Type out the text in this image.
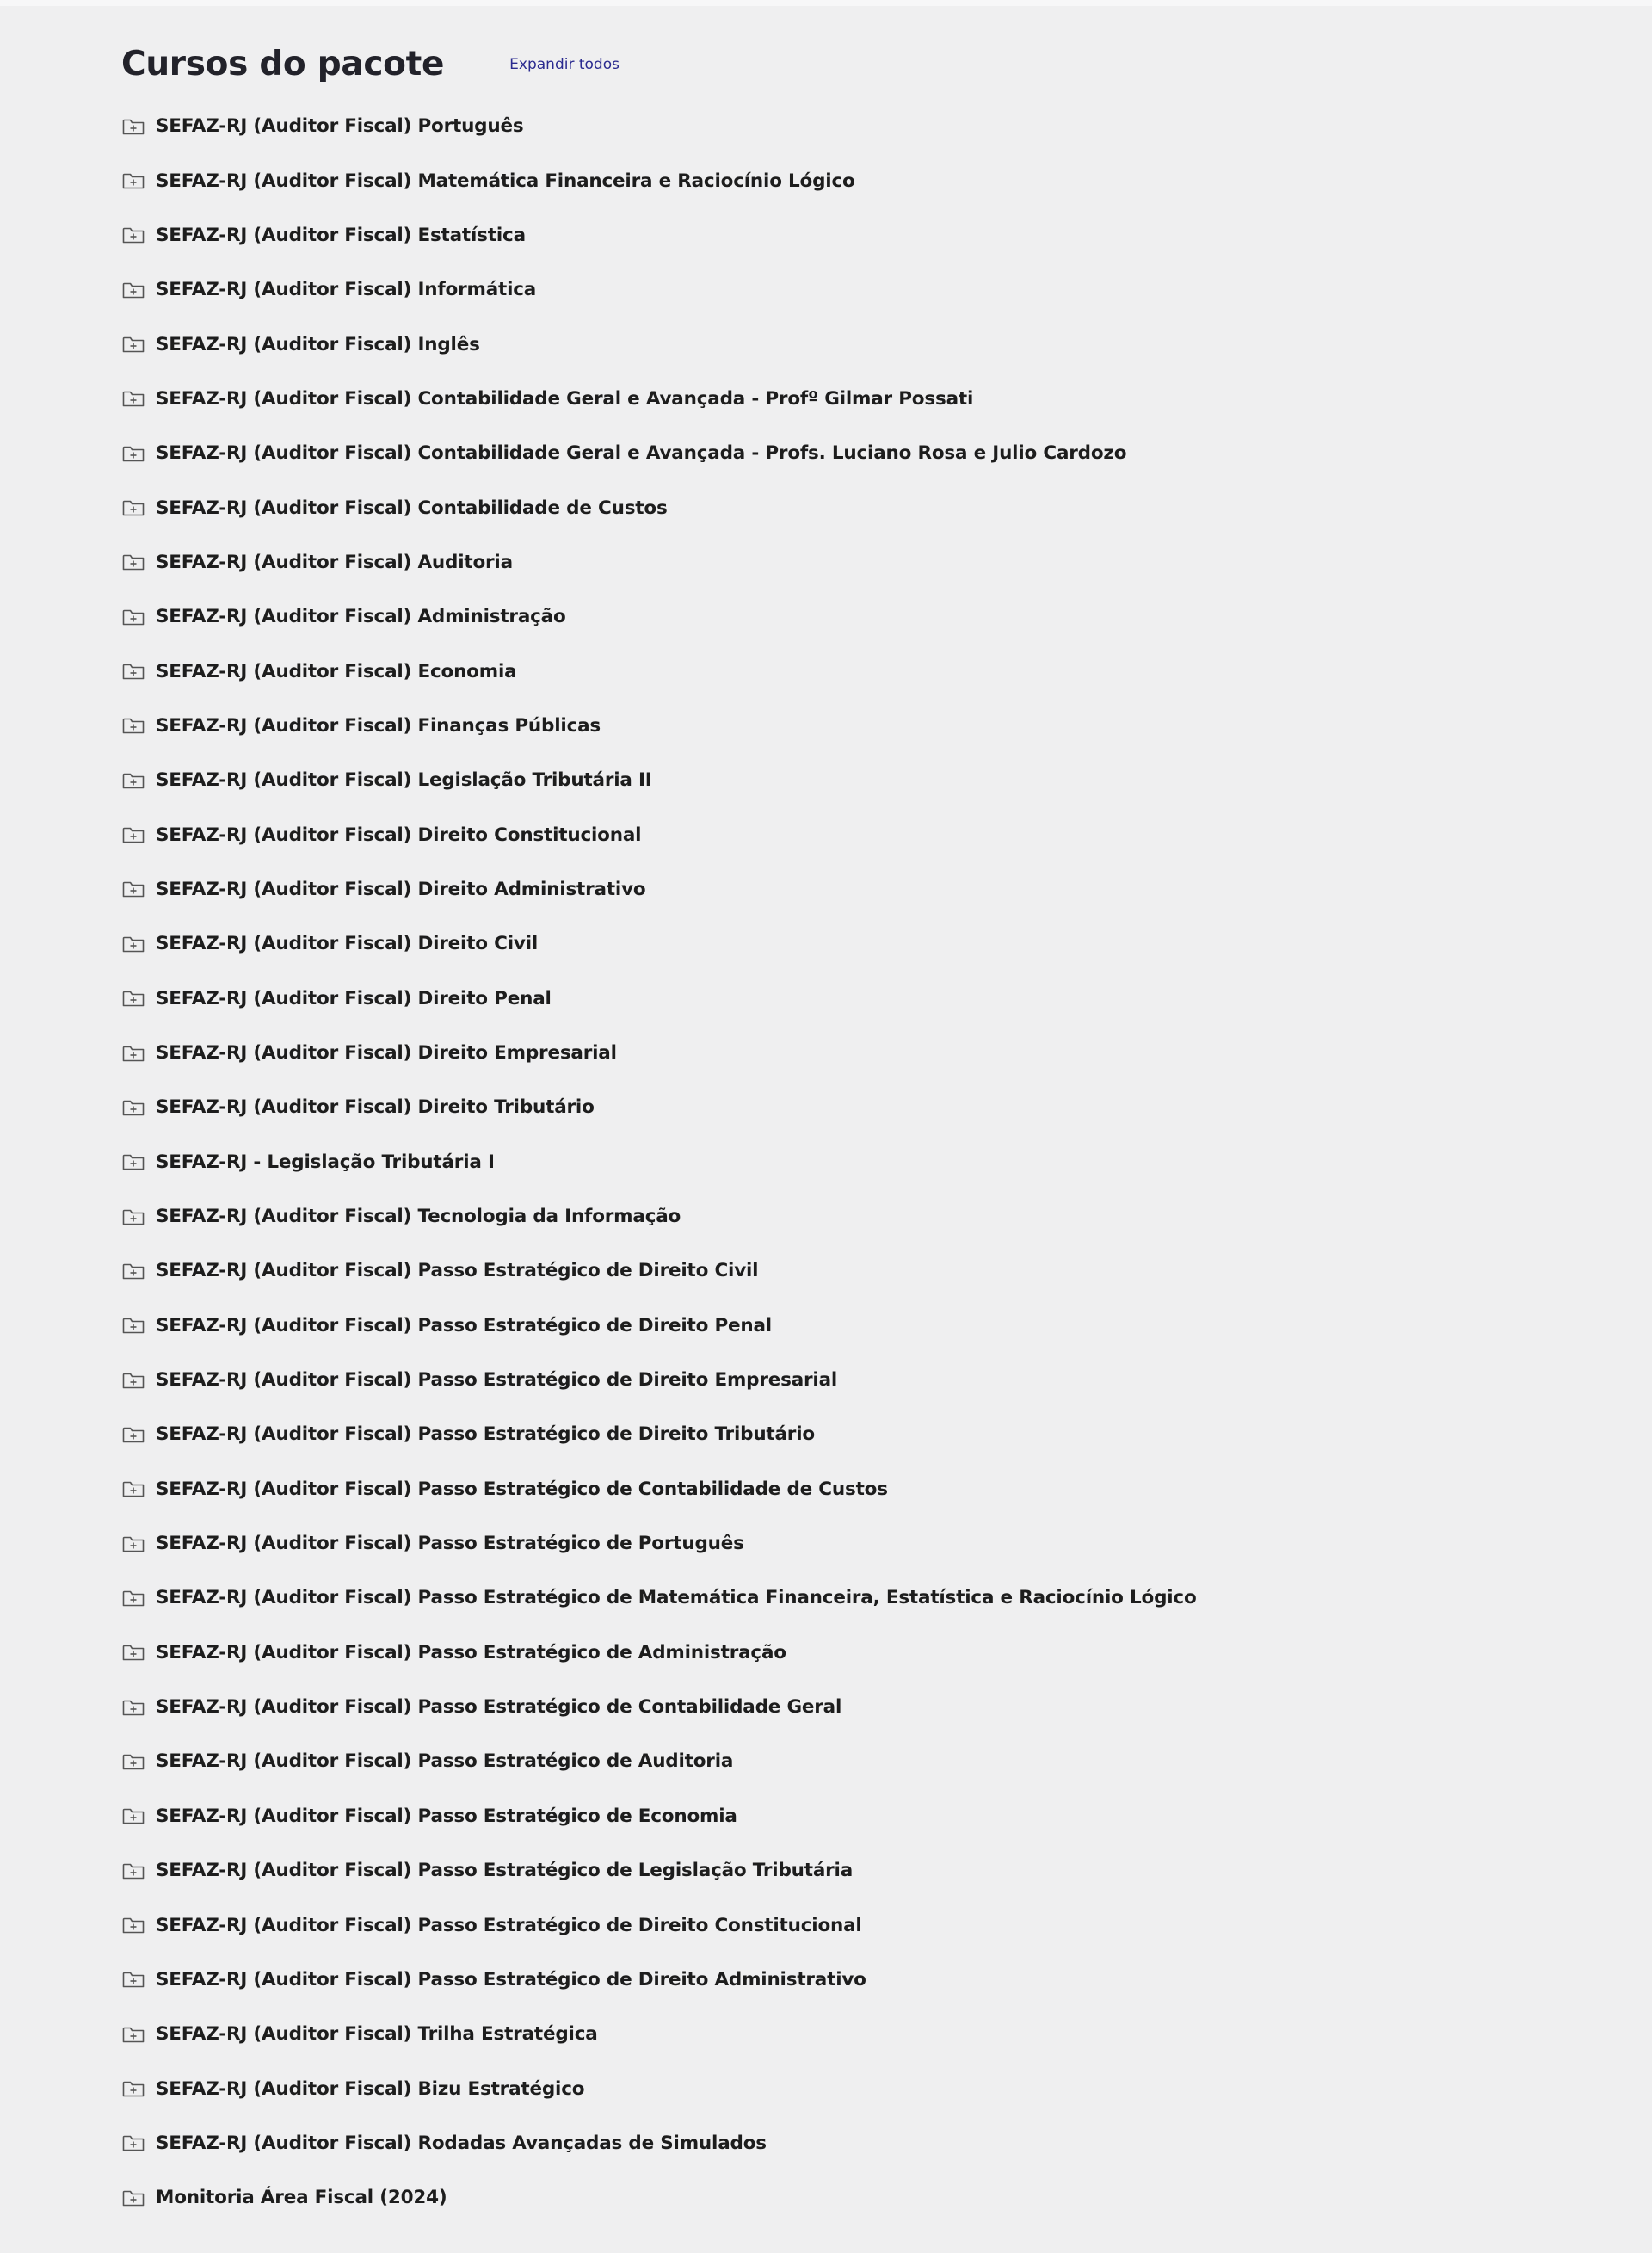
Cursos do pacote	Expandir todos
SEFAZ-RJ (Auditor Fiscal) Português
SEFAZ-RJ (Auditor Fiscal) Matemática Financeira e Raciocínio Lógico
SEFAZ-RJ (Auditor Fiscal) Estatística
SEFAZ-RJ (Auditor Fiscal) Informática
SEFAZ-RJ (Auditor Fiscal) Inglês
SEFAZ-RJ (Auditor Fiscal) Contabilidade Geral e Avançada - Profº Gilmar Possati
SEFAZ-RJ (Auditor Fiscal) Contabilidade Geral e Avançada - Profs. Luciano Rosa e Julio Cardozo
SEFAZ-RJ (Auditor Fiscal) Contabilidade de Custos
SEFAZ-RJ (Auditor Fiscal) Auditoria
SEFAZ-RJ (Auditor Fiscal) Administração
SEFAZ-RJ (Auditor Fiscal) Economia
SEFAZ-RJ (Auditor Fiscal) Finanças Públicas
SEFAZ-RJ (Auditor Fiscal) Legislação Tributária II
SEFAZ-RJ (Auditor Fiscal) Direito Constitucional
SEFAZ-RJ (Auditor Fiscal) Direito Administrativo
SEFAZ-RJ (Auditor Fiscal) Direito Civil
SEFAZ-RJ (Auditor Fiscal) Direito Penal
SEFAZ-RJ (Auditor Fiscal) Direito Empresarial
SEFAZ-RJ (Auditor Fiscal) Direito Tributário
SEFAZ-RJ - Legislação Tributária I
SEFAZ-RJ (Auditor Fiscal) Tecnologia da Informação
SEFAZ-RJ (Auditor Fiscal) Passo Estratégico de Direito Civil
SEFAZ-RJ (Auditor Fiscal) Passo Estratégico de Direito Penal
SEFAZ-RJ (Auditor Fiscal) Passo Estratégico de Direito Empresarial
SEFAZ-RJ (Auditor Fiscal) Passo Estratégico de Direito Tributário
SEFAZ-RJ (Auditor Fiscal) Passo Estratégico de Contabilidade de Custos
SEFAZ-RJ (Auditor Fiscal) Passo Estratégico de Português
SEFAZ-RJ (Auditor Fiscal) Passo Estratégico de Matemática Financeira, Estatística e Raciocínio Lógico
SEFAZ-RJ (Auditor Fiscal) Passo Estratégico de Administração
SEFAZ-RJ (Auditor Fiscal) Passo Estratégico de Contabilidade Geral
SEFAZ-RJ (Auditor Fiscal) Passo Estratégico de Auditoria
SEFAZ-RJ (Auditor Fiscal) Passo Estratégico de Economia
SEFAZ-RJ (Auditor Fiscal) Passo Estratégico de Legislação Tributária
SEFAZ-RJ (Auditor Fiscal) Passo Estratégico de Direito Constitucional
SEFAZ-RJ (Auditor Fiscal) Passo Estratégico de Direito Administrativo
SEFAZ-RJ (Auditor Fiscal) Trilha Estratégica
SEFAZ-RJ (Auditor Fiscal) Bizu Estratégico
SEFAZ-RJ (Auditor Fiscal) Rodadas Avançadas de Simulados
Monitoria Área Fiscal (2024)
